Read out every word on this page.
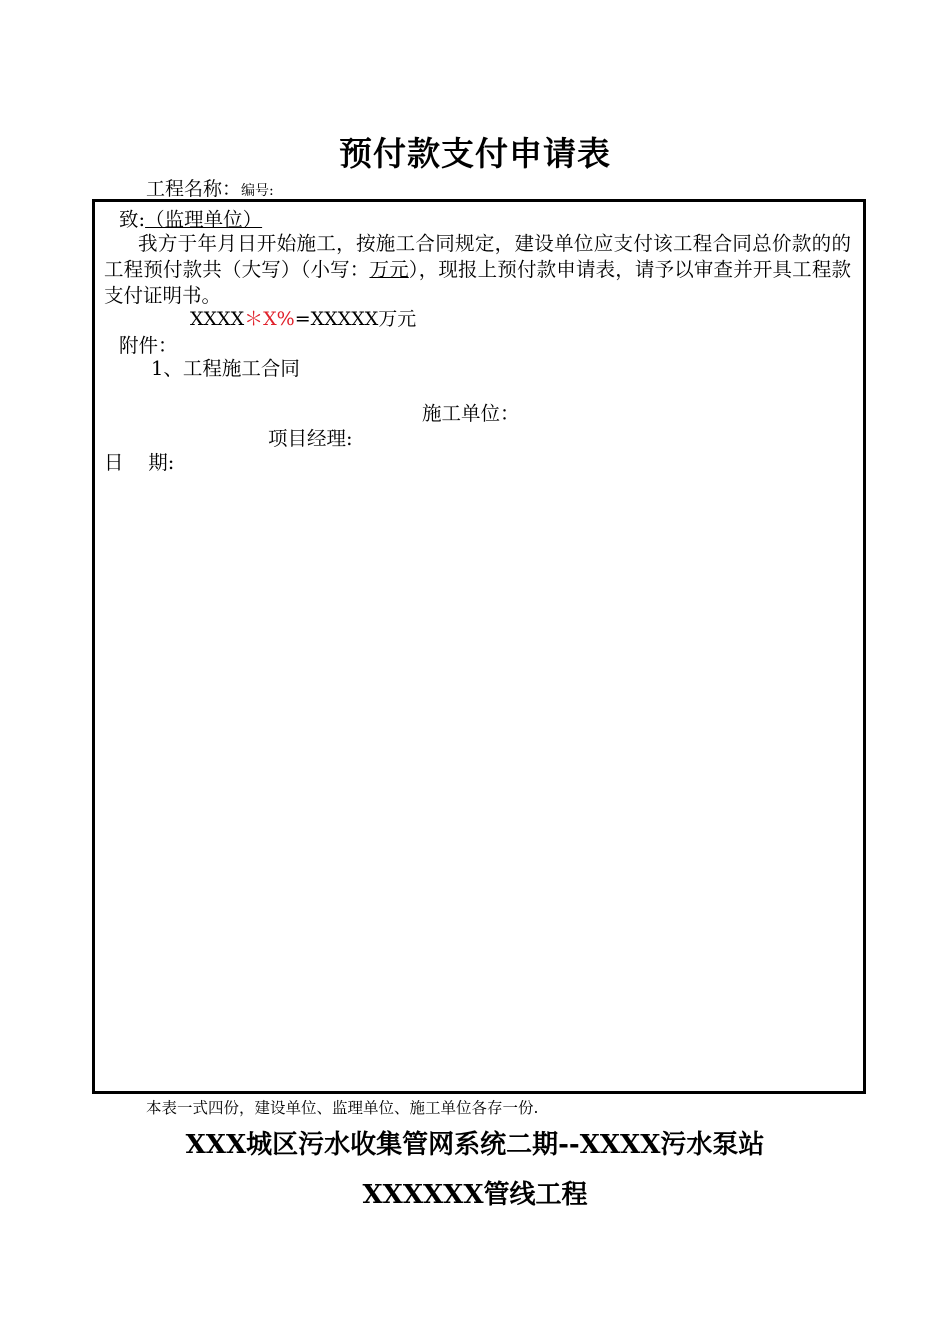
预付款支付申请表
工程名称：编号:
致:（监理单位）
我方于年月日开始施工，按施工合同规定，建设单位应支付该工程合同总价款的的工程预付款共（大写）（小写：万元），现报上预付款申请表，请予以审查并开具工程款支付证明书。
XXXX＊X%=XXXXX万元
附件：
1、工程施工合同
施工单位：
项目经理:
日    期:
本表一式四份，建设单位、监理单位、施工单位各存一份.
XXX城区污水收集管网系统二期--XXXX污水泵站
XXXXXX管线工程
